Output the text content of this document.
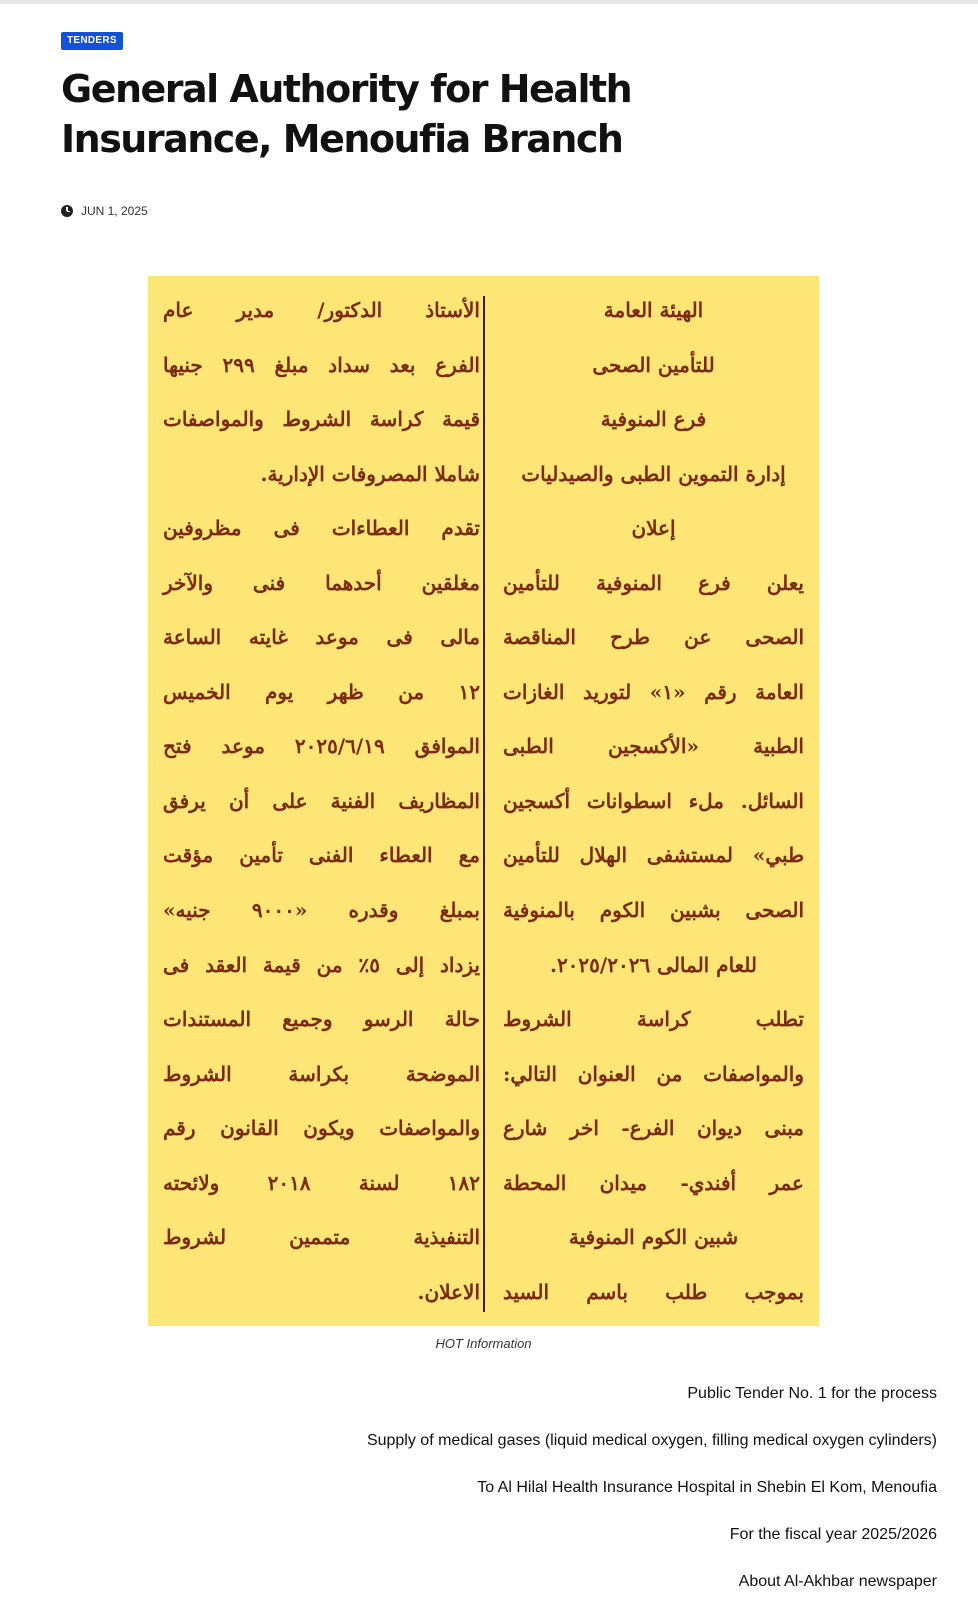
TENDERS
General Authority for Health Insurance, Menoufia Branch
JUN 1, 2025
الهيئة العامة
للتأمين الصحى
فرع المنوفية
إدارة التموين الطبى والصيدليات
إعلان
يعلن فرع المنوفية للتأمين
الصحى عن طرح المناقصة
العامة رقم «١» لتوريد الغازات
الطبية «الأكسجين الطبى
السائل. ملء اسطوانات أكسجين
طبي» لمستشفى الهلال للتأمين
الصحى بشبين الكوم بالمنوفية
للعام المالى ٢٠٢٥/٢٠٢٦.
تطلب كراسة الشروط
والمواصفات من العنوان التالي:
مبنى ديوان الفرع- اخر شارع
عمر أفندي- ميدان المحطة
شبين الكوم المنوفية
بموجب طلب باسم السيد
الأستاذ الدكتور/ مدير عام
الفرع بعد سداد مبلغ ٢٩٩ جنيها
قيمة كراسة الشروط والمواصفات
شاملا المصروفات الإدارية.
تقدم العطاءات فى مظروفين
مغلقين أحدهما فنى والآخر
مالى فى موعد غايته الساعة
١٢ من ظهر يوم الخميس
الموافق ٢٠٢٥/٦/١٩ موعد فتح
المظاريف الفنية على أن يرفق
مع العطاء الفنى تأمين مؤقت
بمبلغ وقدره «٩٠٠٠ جنيه»
يزداد إلى ٥٪ من قيمة العقد فى
حالة الرسو وجميع المستندات
الموضحة بكراسة الشروط
والمواصفات ويكون القانون رقم
١٨٢ لسنة ٢٠١٨ ولائحته
التنفيذية متممين لشروط
الاعلان.
HOT Information

Public Tender No. 1 for the process

Supply of medical gases (liquid medical oxygen, filling medical oxygen cylinders)

To Al Hilal Health Insurance Hospital in Shebin El Kom, Menoufia

For the fiscal year 2025/2026

About Al-Akhbar newspaper
